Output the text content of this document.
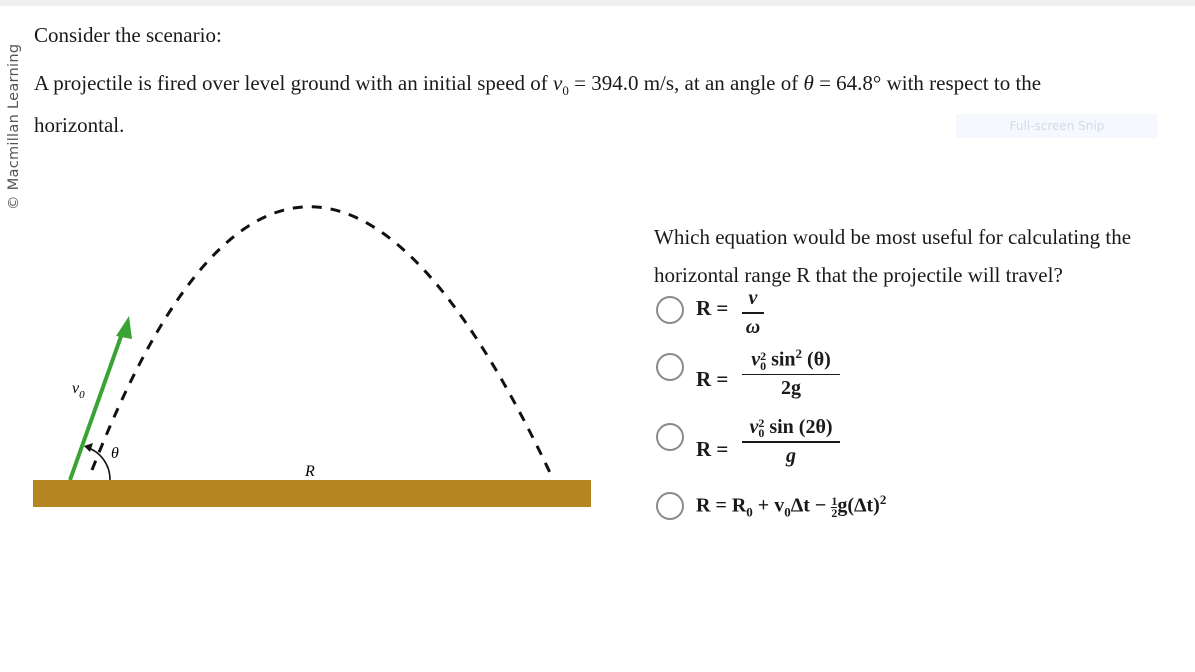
© Macmillan Learning
Consider the scenario:
A projectile is fired over level ground with an initial speed of $v_0 = 394.0$ m/s, at an angle of θ = 64.8° with respect to the horizontal.	Full-screen Snip
$v_0$
θ
R
Which equation would be most useful for calculating the horizontal range R that the projectile will travel?
R =	v
ω
R =
v 2
0 $\sin^2 (\theta)$
2g
R =
v 2
0 sin (2θ)
g
$R = R_0 + v_0\Delta t - \frac{1}{2} g(\Delta t)^2$
